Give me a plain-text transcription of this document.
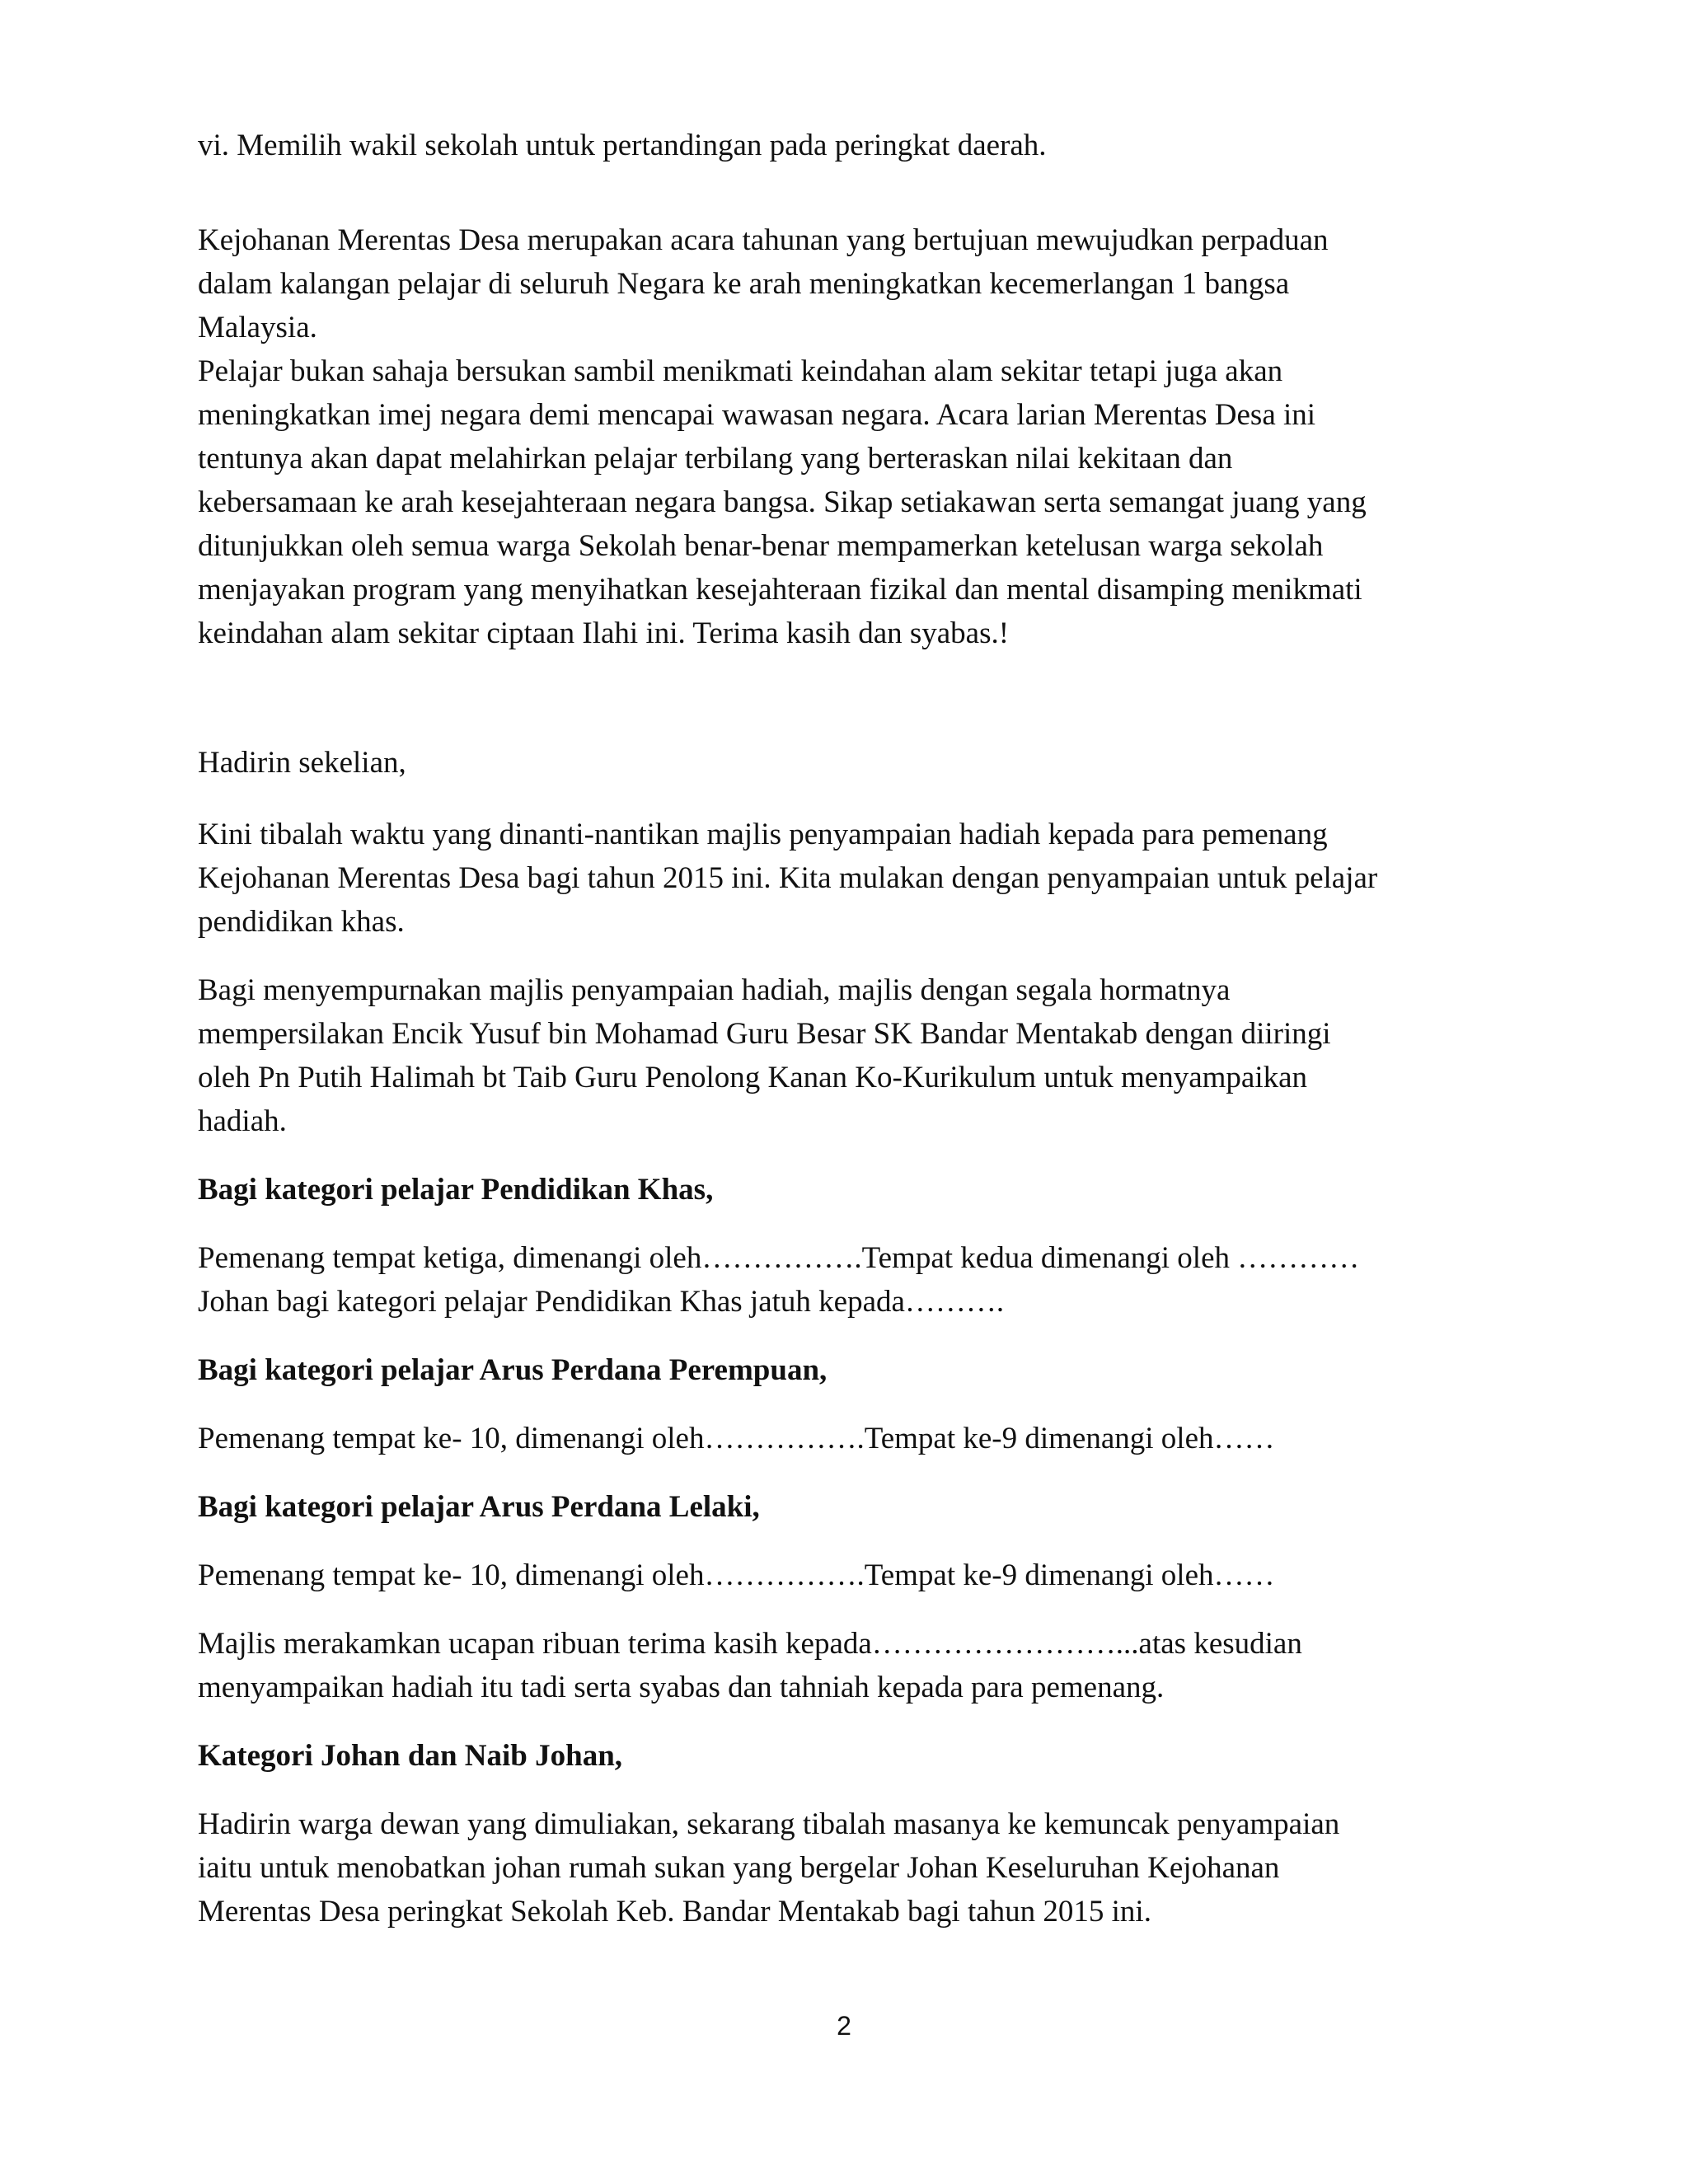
vi. Memilih wakil sekolah untuk pertandingan pada peringkat daerah.

Kejohanan Merentas Desa merupakan acara tahunan yang bertujuan mewujudkan perpaduan
dalam kalangan pelajar di seluruh Negara ke arah meningkatkan kecemerlangan 1 bangsa
Malaysia.
Pelajar bukan sahaja bersukan sambil menikmati keindahan alam sekitar tetapi juga akan
meningkatkan imej negara demi mencapai wawasan negara. Acara larian Merentas Desa ini
tentunya akan dapat melahirkan pelajar terbilang yang berteraskan nilai kekitaan dan
kebersamaan ke arah kesejahteraan negara bangsa. Sikap setiakawan serta semangat juang yang
ditunjukkan oleh semua warga Sekolah benar-benar mempamerkan ketelusan warga sekolah
menjayakan program yang menyihatkan kesejahteraan fizikal dan mental disamping menikmati
keindahan alam sekitar ciptaan Ilahi ini. Terima kasih dan syabas.!

Hadirin sekelian,

Kini tibalah waktu yang dinanti-nantikan majlis penyampaian hadiah kepada para pemenang
Kejohanan Merentas Desa bagi tahun 2015 ini. Kita mulakan dengan penyampaian untuk pelajar
pendidikan khas.

Bagi menyempurnakan majlis penyampaian hadiah, majlis dengan segala hormatnya
mempersilakan Encik Yusuf bin Mohamad Guru Besar SK Bandar Mentakab dengan diiringi
oleh Pn Putih Halimah bt Taib Guru Penolong Kanan Ko-Kurikulum untuk menyampaikan
hadiah.

Bagi kategori pelajar Pendidikan Khas,

Pemenang tempat ketiga, dimenangi oleh…………….Tempat kedua dimenangi oleh …………
Johan bagi kategori pelajar Pendidikan Khas jatuh kepada……….

Bagi kategori pelajar Arus Perdana Perempuan,

Pemenang tempat ke- 10, dimenangi oleh…………….Tempat ke-9 dimenangi oleh……

Bagi kategori pelajar Arus Perdana Lelaki,

Pemenang tempat ke- 10, dimenangi oleh…………….Tempat ke-9 dimenangi oleh……

Majlis merakamkan ucapan ribuan terima kasih kepada……………………...atas kesudian
menyampaikan hadiah itu tadi serta syabas dan tahniah kepada para pemenang.

Kategori Johan dan Naib Johan,

Hadirin warga dewan yang dimuliakan, sekarang tibalah masanya ke kemuncak penyampaian
iaitu untuk menobatkan johan rumah sukan yang bergelar Johan Keseluruhan Kejohanan
Merentas Desa peringkat Sekolah Keb. Bandar Mentakab bagi tahun 2015 ini.

2
